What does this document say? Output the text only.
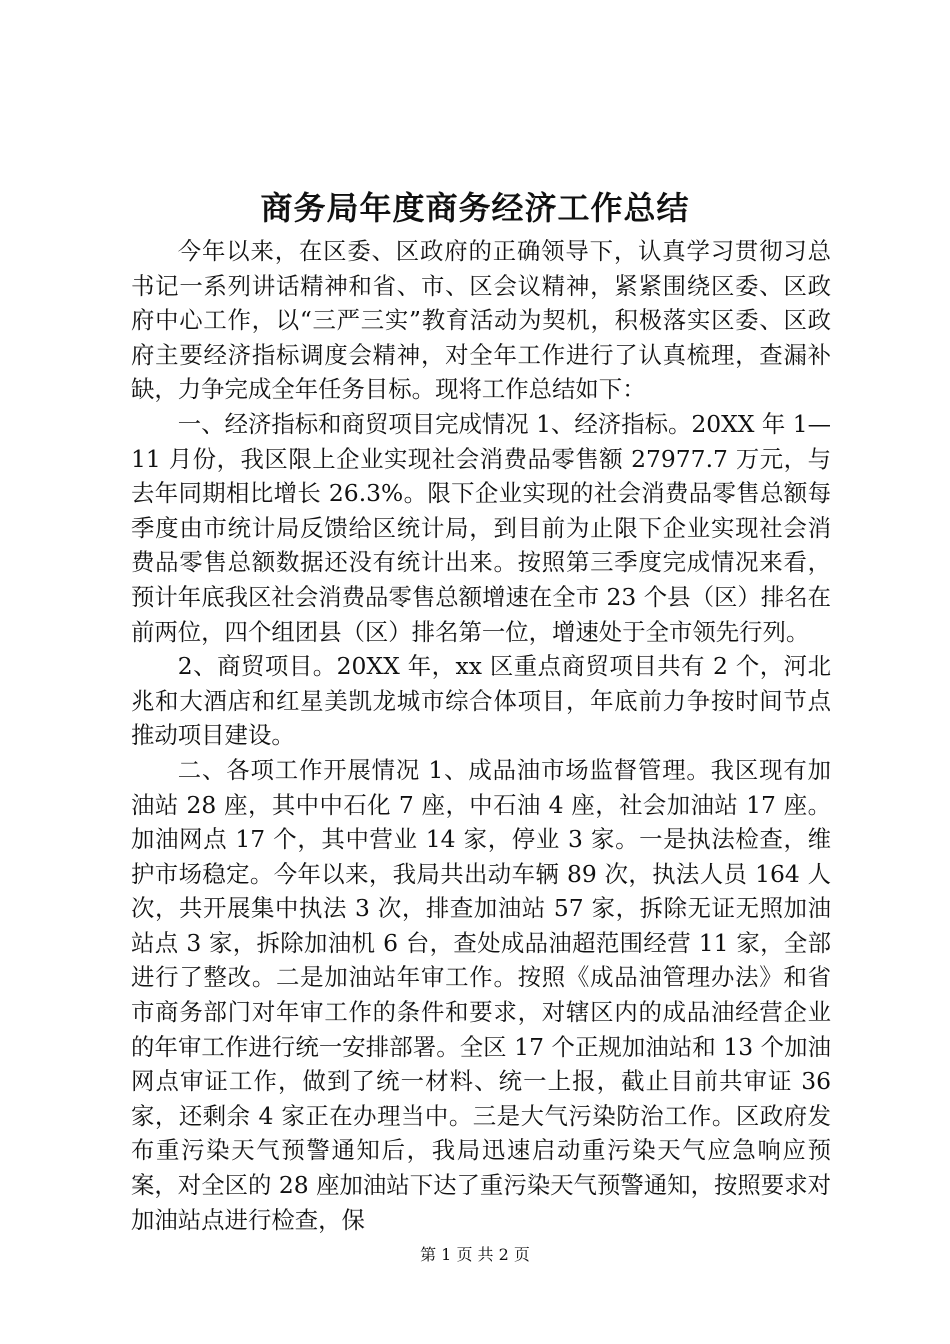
商务局年度商务经济工作总结

今年以来，在区委、区政府的正确领导下，认真学习贯彻习总书记一系列讲话精神和省、市、区会议精神，紧紧围绕区委、区政府中心工作，以“三严三实”教育活动为契机，积极落实区委、区政府主要经济指标调度会精神，对全年工作进行了认真梳理，查漏补缺，力争完成全年任务目标。现将工作总结如下：

一、经济指标和商贸项目完成情况 1、经济指标。20XX 年 1—11 月份，我区限上企业实现社会消费品零售额 27977.7 万元，与去年同期相比增长 26.3%。限下企业实现的社会消费品零售总额每季度由市统计局反馈给区统计局，到目前为止限下企业实现社会消费品零售总额数据还没有统计出来。按照第三季度完成情况来看，预计年底我区社会消费品零售总额增速在全市 23 个县（区）排名在前两位，四个组团县（区）排名第一位，增速处于全市领先行列。

2、商贸项目。20XX 年，xx 区重点商贸项目共有 2 个，河北兆和大酒店和红星美凯龙城市综合体项目，年底前力争按时间节点推动项目建设。

二、各项工作开展情况 1、成品油市场监督管理。我区现有加油站 28 座，其中中石化 7 座，中石油 4 座，社会加油站 17 座。加油网点 17 个，其中营业 14 家，停业 3 家。一是执法检查，维护市场稳定。今年以来，我局共出动车辆 89 次，执法人员 164 人次，共开展集中执法 3 次，排查加油站 57 家，拆除无证无照加油站点 3 家，拆除加油机 6 台，查处成品油超范围经营 11 家，全部进行了整改。二是加油站年审工作。按照《成品油管理办法》和省市商务部门对年审工作的条件和要求，对辖区内的成品油经营企业的年审工作进行统一安排部署。全区 17 个正规加油站和 13 个加油网点审证工作，做到了统一材料、统一上报，截止目前共审证 36 家，还剩余 4 家正在办理当中。三是大气污染防治工作。区政府发布重污染天气预警通知后，我局迅速启动重污染天气应急响应预案，对全区的 28 座加油站下达了重污染天气预警通知，按照要求对加油站点进行检查，保

第 1 页 共 2 页
